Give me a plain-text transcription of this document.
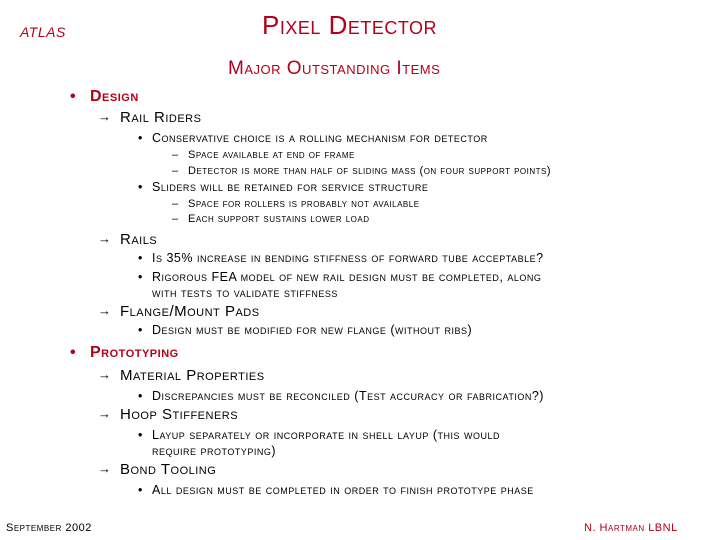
ATLAS	Pixel Detector
Major Outstanding Items
• Design
→ Rail Riders
• Conservative choice is a rolling mechanism for detector
– Space available at end of frame
– Detector is more than half of sliding mass (on four support points)
• Sliders will be retained for service structure
– Space for rollers is probably not available
– Each support sustains lower load
→ Rails
• Is 35% increase in bending stiffness of forward tube acceptable?
• Rigorous FEA model of new rail design must be completed, along
with tests to validate stiffness
→ Flange/Mount Pads
• Design must be modified for new flange (without ribs)
• Prototyping
→ Material Properties
• Discrepancies must be reconciled (Test accuracy or fabrication?)
→ Hoop Stiffeners
• Layup separately or incorporate in shell layup (this would
require prototyping)
→ Bond Tooling
• All design must be completed in order to finish prototype phase
September 2002	N. Hartman LBNL
